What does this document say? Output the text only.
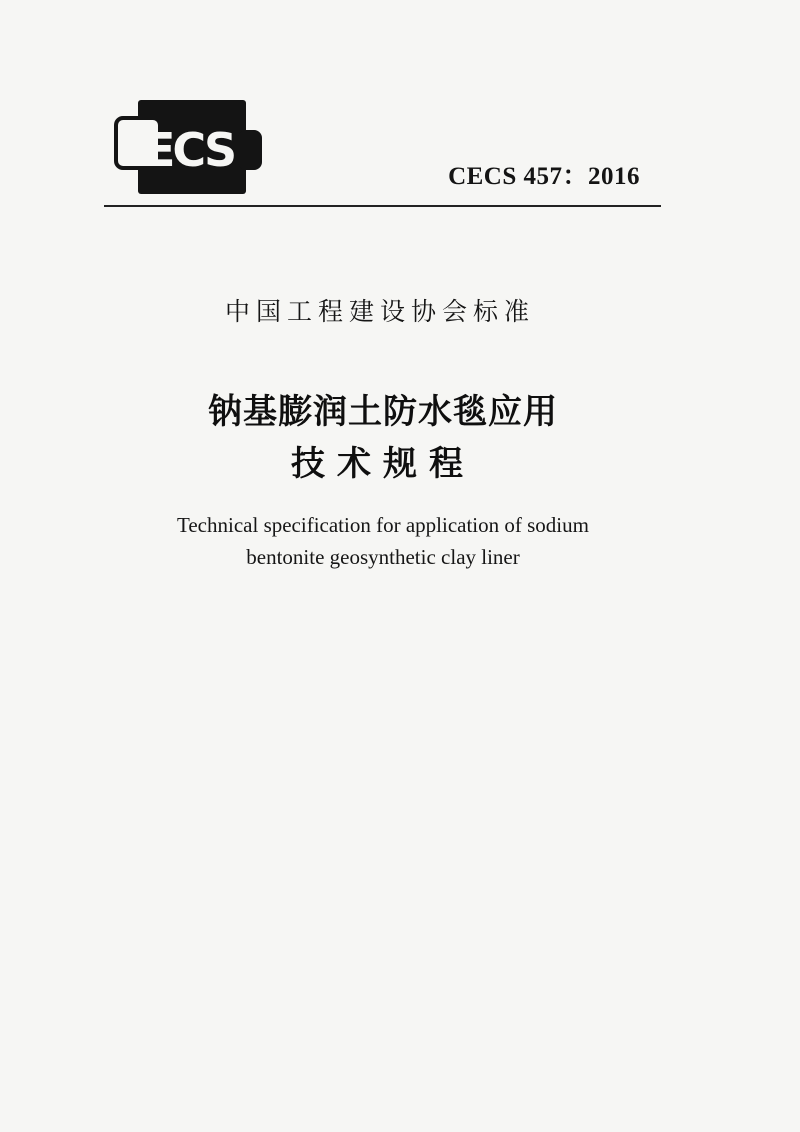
ECS	CECS 457：2016
中国工程建设协会标准
钠基膨润土防水毯应用
技术规程
Technical specification for application of sodium
bentonite geosynthetic clay liner
